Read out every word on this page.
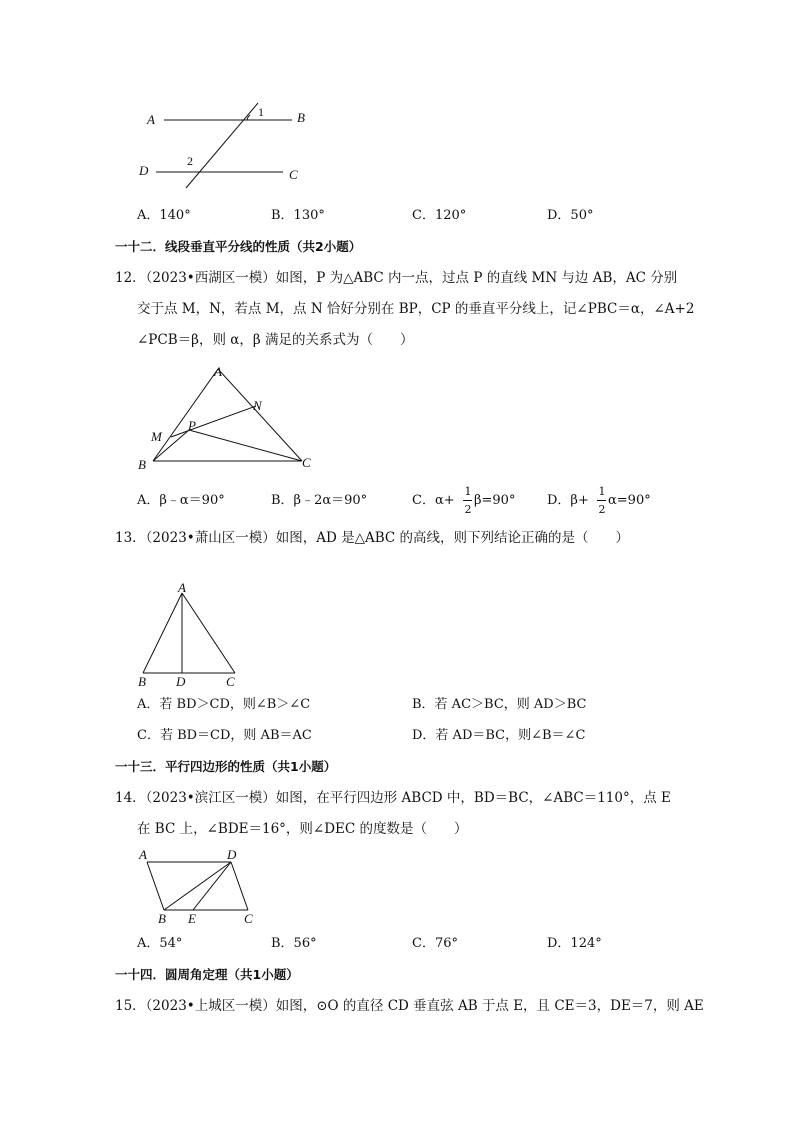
A	B
D	C
1
2
A．140°	B．130°	C．120°	D．50°
一十二．线段垂直平分线的性质（共2小题）
12．（2023•西湖区一模）如图，P 为△ABC 内一点，过点 P 的直线 MN 与边 AB，AC 分别
交于点 M，N，若点 M，点 N 恰好分别在 BP，CP 的垂直平分线上，记∠PBC＝α，∠A+2
∠PCB＝β，则 α，β 满足的关系式为（　　）
A
N
P
M
B	C
A．β﹣α＝90°	B．β﹣2α＝90°	C．α+
1
2
β=90° D．β+
1
2
α=90°
13．（2023•萧山区一模）如图，AD 是△ABC 的高线，则下列结论正确的是（　　）
A
B D	C
A．若 BD＞CD，则∠B＞∠C	B．若 AC＞BC，则 AD＞BC
C．若 BD＝CD，则 AB＝AC	D．若 AD＝BC，则∠B＝∠C
一十三．平行四边形的性质（共1小题）
14．（2023•滨江区一模）如图，在平行四边形 ABCD 中，BD＝BC，∠ABC＝110°，点 E
在 BC 上，∠BDE＝16°，则∠DEC 的度数是（　　）
A	D
B E	C
A．54°	B．56°	C．76°	D．124°
一十四．圆周角定理（共1小题）
15．（2023•上城区一模）如图，⊙O 的直径 CD 垂直弦 AB 于点 E，且 CE＝3，DE＝7，则 AE
